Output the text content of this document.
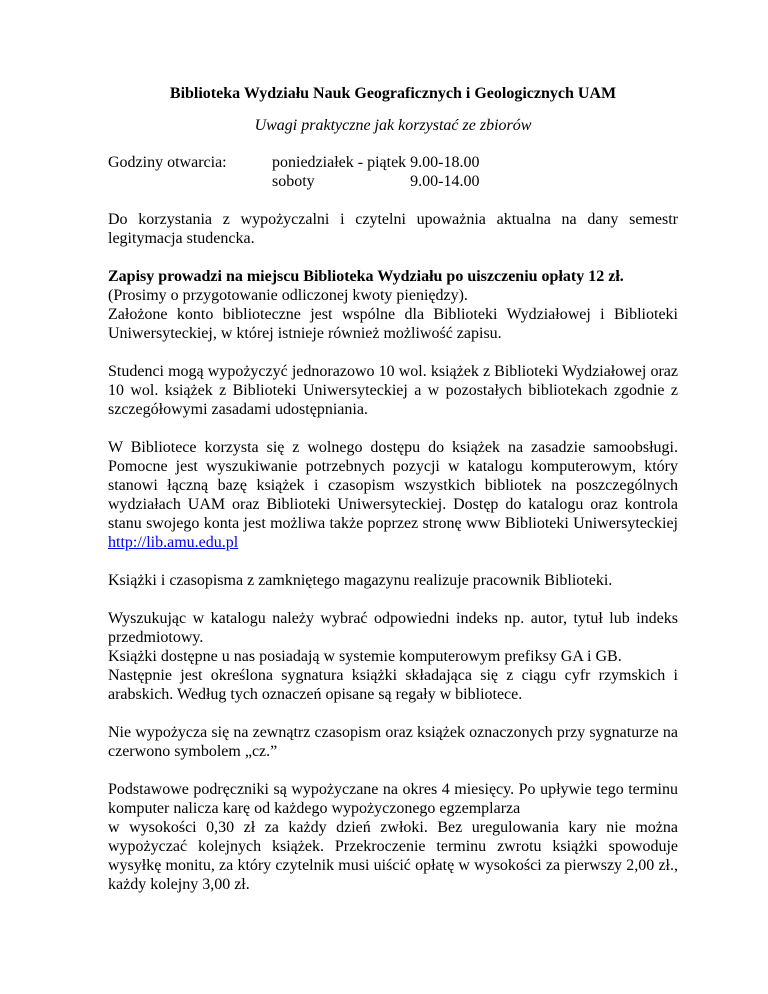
Biblioteka Wydziału Nauk Geograficznych i Geologicznych UAM

Uwagi praktyczne jak korzystać ze zbiorów

Godziny otwarcia:	poniedziałek - piątek 9.00-18.00
soboty	9.00-14.00

Do korzystania z wypożyczalni i czytelni upoważnia aktualna na dany semestr legitymacja studencka.

Zapisy prowadzi na miejscu Biblioteka Wydziału po uiszczeniu opłaty 12 zł.

(Prosimy o przygotowanie odliczonej kwoty pieniędzy).

Założone konto biblioteczne jest wspólne dla Biblioteki Wydziałowej i Biblioteki Uniwersyteckiej, w której istnieje również możliwość zapisu.

Studenci mogą wypożyczyć jednorazowo 10 wol. książek z Biblioteki Wydziałowej oraz 10 wol. książek z Biblioteki Uniwersyteckiej a w pozostałych bibliotekach zgodnie z szczegółowymi zasadami udostępniania.

W Bibliotece korzysta się z wolnego dostępu do książek na zasadzie samoobsługi. Pomocne jest wyszukiwanie potrzebnych pozycji w katalogu komputerowym, który stanowi łączną bazę książek i czasopism wszystkich bibliotek na poszczególnych wydziałach UAM oraz Biblioteki Uniwersyteckiej. Dostęp do katalogu oraz kontrola stanu swojego konta jest możliwa także poprzez stronę www Biblioteki Uniwersyteckiej http://lib.amu.edu.pl

Książki i czasopisma z zamkniętego magazynu realizuje pracownik Biblioteki.

Wyszukując w katalogu należy wybrać odpowiedni indeks np. autor, tytuł lub indeks przedmiotowy.

Książki dostępne u nas posiadają w systemie komputerowym prefiksy GA i GB.

Następnie jest określona sygnatura książki składająca się z ciągu cyfr rzymskich i arabskich. Według tych oznaczeń opisane są regały w bibliotece.

Nie wypożycza się na zewnątrz czasopism oraz książek oznaczonych przy sygnaturze na czerwono symbolem „cz.”

Podstawowe podręczniki są wypożyczane na okres 4 miesięcy. Po upływie tego terminu komputer nalicza karę od każdego wypożyczonego egzemplarza

w wysokości 0,30 zł za każdy dzień zwłoki. Bez uregulowania kary nie można wypożyczać kolejnych książek. Przekroczenie terminu zwrotu książki spowoduje wysyłkę monitu, za który czytelnik musi uiścić opłatę w wysokości za pierwszy 2,00 zł., każdy kolejny 3,00 zł.
